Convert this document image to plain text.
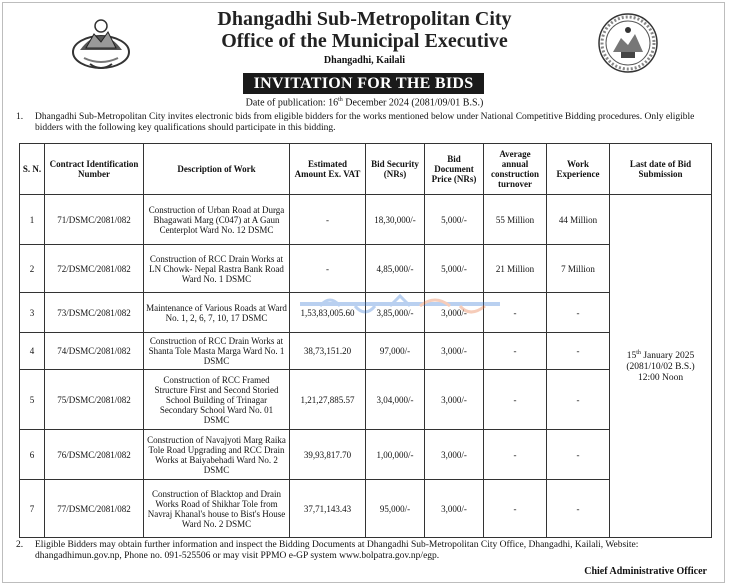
Dhangadhi Sub-Metropolitan City
Office of the Municipal Executive
Dhangadhi, Kailali
INVITATION FOR THE BIDS
Date of publication: 16th December 2024 (2081/09/01 B.S.)
1. Dhangadhi Sub-Metropolitan City invites electronic bids from eligible bidders for the works mentioned below under National Competitive Bidding procedures. Only eligible bidders with the following key qualifications should participate in this bidding.
S. N.	Contract Identification Number	Description of Work	Estimated Amount Ex. VAT	Bid Security (NRs)	Bid Document Price (NRs)	Average annual construction turnover	Work Experience	Last date of Bid Submission
1	71/DSMC/2081/082	Construction of Urban Road at Durga Bhagawati Marg (C047) at A Gaun Centerplot Ward No. 12 DSMC	-	18,30,000/-	5,000/-	55 Million	44 Million	15th January 2025
(2081/10/02 B.S.)
12:00 Noon

2	72/DSMC/2081/082	Construction of RCC Drain Works at LN Chowk- Nepal Rastra Bank Road Ward No. 1 DSMC	-	4,85,000/-	5,000/-	21 Million	7 Million	
3	73/DSMC/2081/082	Maintenance of Various Roads at Ward No. 1, 2, 6, 7, 10, 17 DSMC	1,53,83,005.60	3,85,000/-	3,000/-	-	-	
4	74/DSMC/2081/082	Construction of RCC Drain Works at Shanta Tole Masta Marga Ward No. 1 DSMC	38,73,151.20	97,000/-	3,000/-	-	-	
5	75/DSMC/2081/082	Construction of RCC Framed Structure First and Second Storied School Building of Trinagar Secondary School Ward No. 01 DSMC	1,21,27,885.57	3,04,000/-	3,000/-	-	-	
6	76/DSMC/2081/082	Construction of Navajyoti Marg Raika Tole Road Upgrading and RCC Drain Works at Baiyabehadi Ward No. 2 DSMC	39,93,817.70	1,00,000/-	3,000/-	-	-	
7	77/DSMC/2081/082	Construction of Blacktop and Drain Works Road of Shikhar Tole from Navraj Khanal's house to Bist's House Ward No. 2 DSMC	37,71,143.43	95,000/-	3,000/-	-	-	
2. Eligible Bidders may obtain further information and inspect the Bidding Documents at Dhangadhi Sub-Metropolitan City Office, Dhangadhi, Kailali, Website: dhangadhimun.gov.np, Phone no. 091-525506 or may visit PPMO e-GP system www.bolpatra.gov.np/egp.
Chief Administrative Officer
